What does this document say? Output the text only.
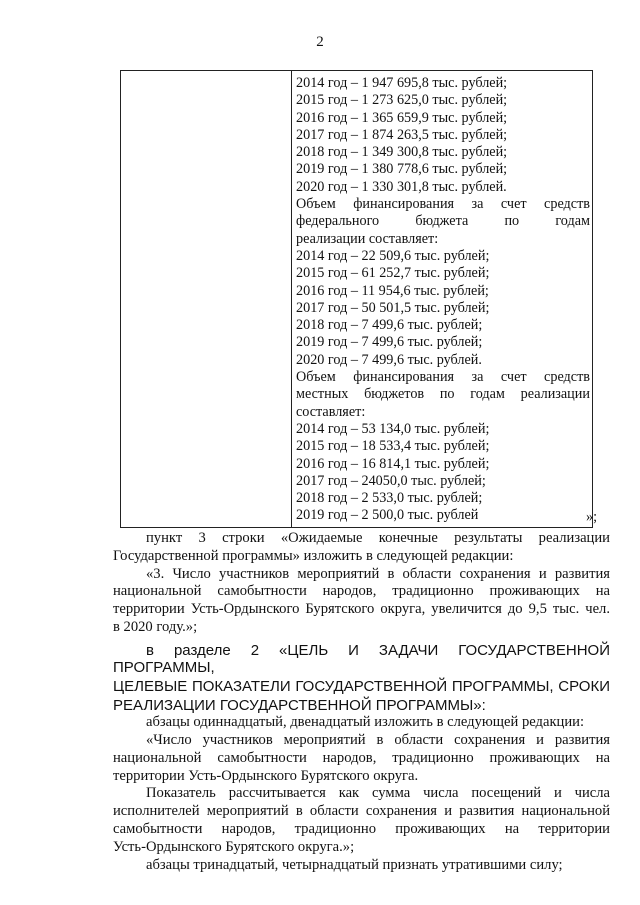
2

2014 год – 1 947 695,8 тыс. рублей;
2015 год – 1 273 625,0 тыс. рублей;
2016 год – 1 365 659,9 тыс. рублей;
2017 год – 1 874 263,5 тыс. рублей;
2018 год – 1 349 300,8 тыс. рублей;
2019 год – 1 380 778,6 тыс. рублей;
2020 год – 1 330 301,8 тыс. рублей.
Объем финансирования за счет средств
федерального	бюджета	по	годам
реализации составляет:
2014 год – 22 509,6 тыс. рублей;
2015 год – 61 252,7 тыс. рублей;
2016 год – 11 954,6 тыс. рублей;
2017 год – 50 501,5 тыс. рублей;
2018 год – 7 499,6 тыс. рублей;
2019 год – 7 499,6 тыс. рублей;
2020 год – 7 499,6 тыс. рублей.
Объем финансирования за счет средств
местных бюджетов по годам реализации
составляет:
2014 год – 53 134,0 тыс. рублей;
2015 год – 18 533,4 тыс. рублей;
2016 год – 16 814,1 тыс. рублей;
2017 год – 24050,0 тыс. рублей;
2018 год – 2 533,0 тыс. рублей;
2019 год – 2 500,0 тыс. рублей	»;

пункт 3 строки «Ожидаемые конечные результаты реализации

Государственной программы» изложить в следующей редакции:

«3. Число участников мероприятий в области сохранения и развития

национальной самобытности народов, традиционно проживающих на

территории Усть-Ордынского Бурятского округа, увеличится до 9,5 тыс. чел.

в 2020 году.»;

в разделе 2 «ЦЕЛЬ И ЗАДАЧИ ГОСУДАРСТВЕННОЙ ПРОГРАММЫ,

ЦЕЛЕВЫЕ ПОКАЗАТЕЛИ ГОСУДАРСТВЕННОЙ ПРОГРАММЫ, СРОКИ

РЕАЛИЗАЦИИ ГОСУДАРСТВЕННОЙ ПРОГРАММЫ»:

абзацы одиннадцатый, двенадцатый изложить в следующей редакции:

«Число участников мероприятий в области сохранения и развития

национальной самобытности народов, традиционно проживающих на

территории Усть-Ордынского Бурятского округа.

Показатель рассчитывается как сумма числа посещений и числа

исполнителей мероприятий в области сохранения и развития национальной

самобытности народов, традиционно проживающих на территории

Усть-Ордынского Бурятского округа.»;

абзацы тринадцатый, четырнадцатый признать утратившими силу;
